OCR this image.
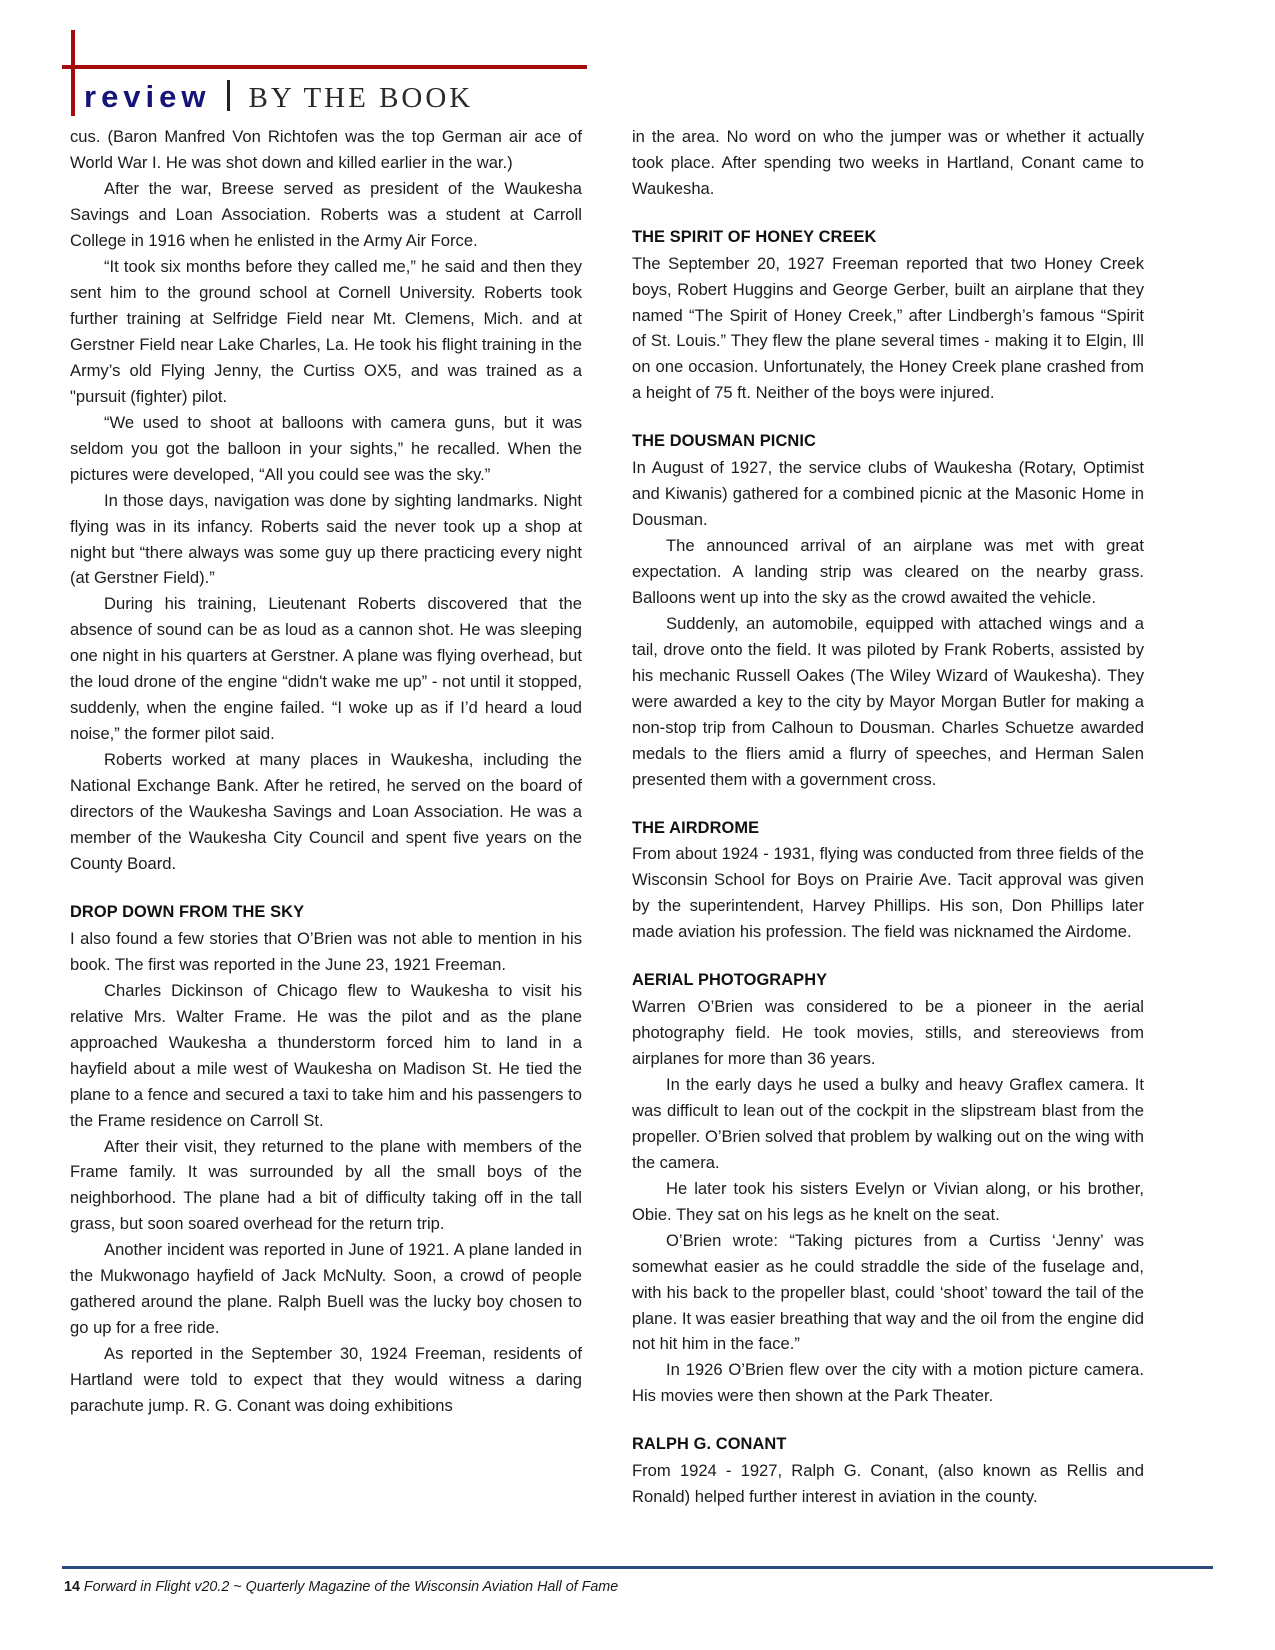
review BY THE BOOK

cus. (Baron Manfred Von Richtofen was the top German air ace of World War I. He was shot down and killed earlier in the war.)

After the war, Breese served as president of the Waukesha Savings and Loan Association. Roberts was a student at Carroll College in 1916 when he enlisted in the Army Air Force.

“It took six months before they called me,” he said and then they sent him to the ground school at Cornell University. Roberts took further training at Selfridge Field near Mt. Clemens, Mich. and at Gerstner Field near Lake Charles, La. He took his flight training in the Army’s old Flying Jenny, the Curtiss OX5, and was trained as a "pursuit (fighter) pilot.

“We used to shoot at balloons with camera guns, but it was seldom you got the balloon in your sights,” he recalled. When the pictures were developed, “All you could see was the sky.”

In those days, navigation was done by sighting landmarks. Night flying was in its infancy. Roberts said the never took up a shop at night but “there always was some guy up there practicing every night (at Gerstner Field).”

During his training, Lieutenant Roberts discovered that the absence of sound can be as loud as a cannon shot. He was sleeping one night in his quarters at Gerstner. A plane was flying overhead, but the loud drone of the engine “didn't wake me up” - not until it stopped, suddenly, when the engine failed. “I woke up as if I’d heard a loud noise,” the former pilot said.

Roberts worked at many places in Waukesha, including the National Exchange Bank. After he retired, he served on the board of directors of the Waukesha Savings and Loan Association. He was a member of the Waukesha City Council and spent five years on the County Board.

DROP DOWN FROM THE SKY

I also found a few stories that O’Brien was not able to mention in his book. The first was reported in the June 23, 1921 Freeman.

Charles Dickinson of Chicago flew to Waukesha to visit his relative Mrs. Walter Frame. He was the pilot and as the plane approached Waukesha a thunderstorm forced him to land in a hayfield about a mile west of Waukesha on Madison St. He tied the plane to a fence and secured a taxi to take him and his passengers to the Frame residence on Carroll St.

After their visit, they returned to the plane with members of the Frame family. It was surrounded by all the small boys of the neighborhood. The plane had a bit of difficulty taking off in the tall grass, but soon soared overhead for the return trip.

Another incident was reported in June of 1921. A plane landed in the Mukwonago hayfield of Jack McNulty. Soon, a crowd of people gathered around the plane. Ralph Buell was the lucky boy chosen to go up for a free ride.

As reported in the September 30, 1924 Freeman, residents of Hartland were told to expect that they would witness a daring parachute jump. R. G. Conant was doing exhibitions

in the area. No word on who the jumper was or whether it actually took place. After spending two weeks in Hartland, Conant came to Waukesha.

THE SPIRIT OF HONEY CREEK

The September 20, 1927 Freeman reported that two Honey Creek boys, Robert Huggins and George Gerber, built an airplane that they named “The Spirit of Honey Creek,” after Lindbergh’s famous “Spirit of St. Louis.” They flew the plane several times - making it to Elgin, Ill on one occasion. Unfortunately, the Honey Creek plane crashed from a height of 75 ft. Neither of the boys were injured.

THE DOUSMAN PICNIC

In August of 1927, the service clubs of Waukesha (Rotary, Optimist and Kiwanis) gathered for a combined picnic at the Masonic Home in Dousman.

The announced arrival of an airplane was met with great expectation. A landing strip was cleared on the nearby grass. Balloons went up into the sky as the crowd awaited the vehicle.

Suddenly, an automobile, equipped with attached wings and a tail, drove onto the field. It was piloted by Frank Roberts, assisted by his mechanic Russell Oakes (The Wiley Wizard of Waukesha). They were awarded a key to the city by Mayor Morgan Butler for making a non-stop trip from Calhoun to Dousman. Charles Schuetze awarded medals to the fliers amid a flurry of speeches, and Herman Salen presented them with a government cross.

THE AIRDROME

From about 1924 - 1931, flying was conducted from three fields of the Wisconsin School for Boys on Prairie Ave. Tacit approval was given by the superintendent, Harvey Phillips. His son, Don Phillips later made aviation his profession. The field was nicknamed the Airdome.

AERIAL PHOTOGRAPHY

Warren O’Brien was considered to be a pioneer in the aerial photography field. He took movies, stills, and stereoviews from airplanes for more than 36 years.

In the early days he used a bulky and heavy Graflex camera. It was difficult to lean out of the cockpit in the slipstream blast from the propeller. O’Brien solved that problem by walking out on the wing with the camera.

He later took his sisters Evelyn or Vivian along, or his brother, Obie. They sat on his legs as he knelt on the seat.

O’Brien wrote: “Taking pictures from a Curtiss ‘Jenny’ was somewhat easier as he could straddle the side of the fuselage and, with his back to the propeller blast, could ‘shoot’ toward the tail of the plane. It was easier breathing that way and the oil from the engine did not hit him in the face.”

In 1926 O’Brien flew over the city with a motion picture camera. His movies were then shown at the Park Theater.

RALPH G. CONANT

From 1924 - 1927, Ralph G. Conant, (also known as Rellis and Ronald) helped further interest in aviation in the county.

14 Forward in Flight v20.2 ~ Quarterly Magazine of the Wisconsin Aviation Hall of Fame
